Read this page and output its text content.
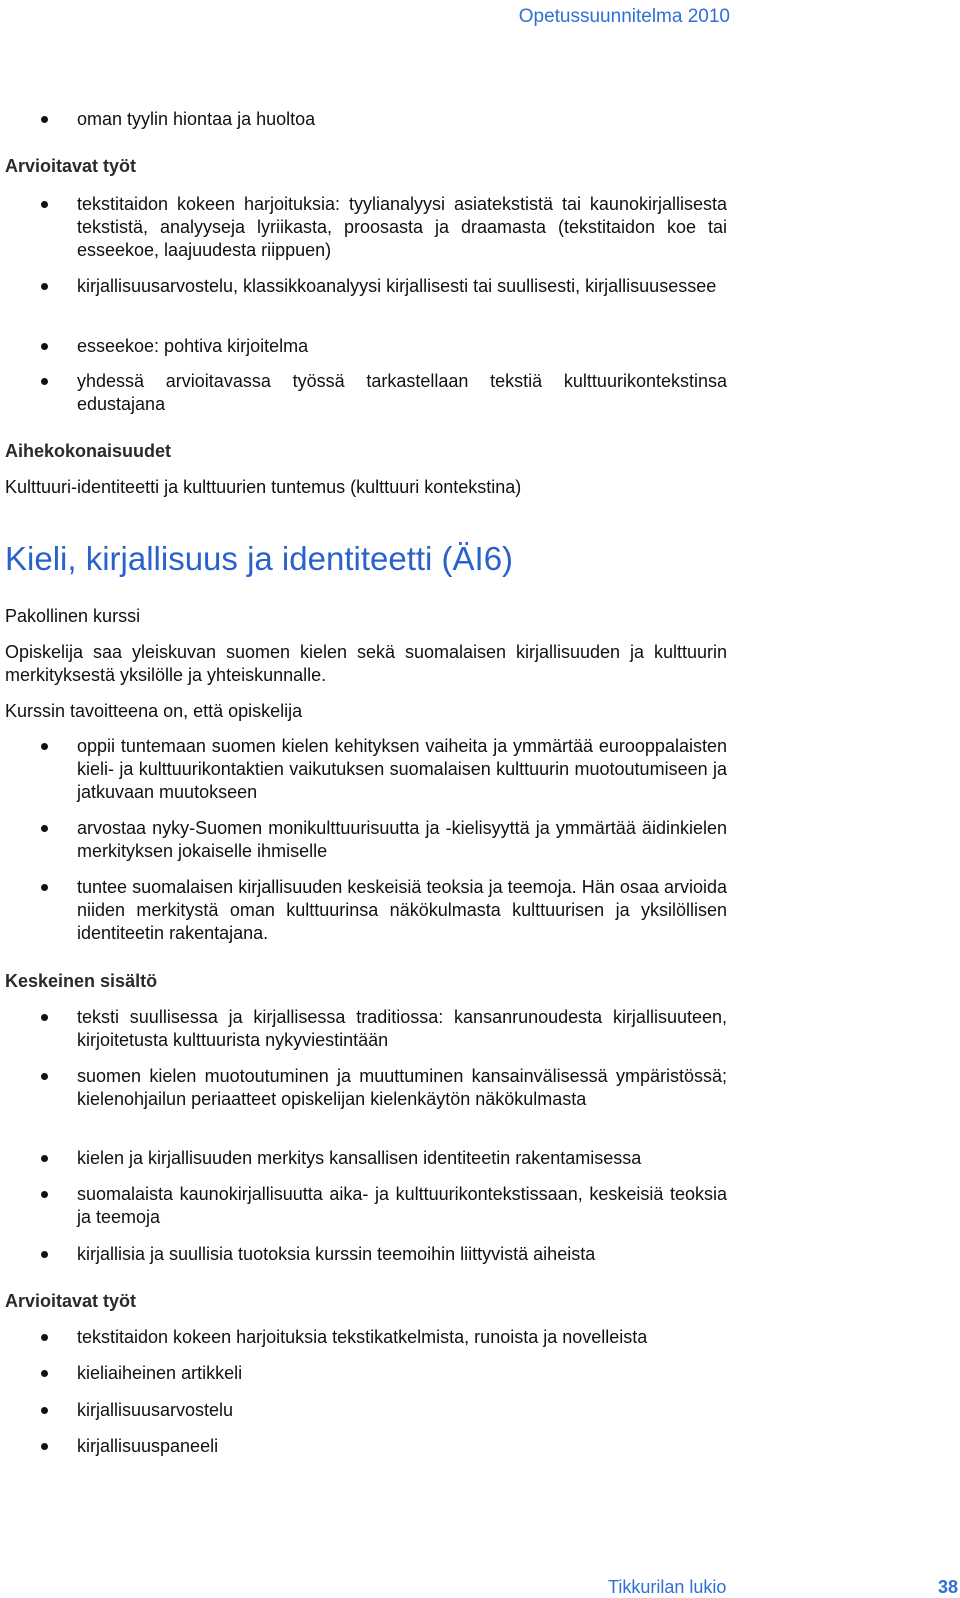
Opetussuunnitelma 2010
oman tyylin hiontaa ja huoltoa
Arvioitavat työt
tekstitaidon kokeen harjoituksia: tyylianalyysi asiatekstistä tai kaunokirjallisesta tekstistä, analyyseja lyriikasta, proosasta ja draamasta (tekstitaidon koe tai esseekoe, laajuudesta riippuen)
kirjallisuusarvostelu, klassikkoanalyysi kirjallisesti tai suullisesti, kirjallisuusessee
esseekoe: pohtiva kirjoitelma
yhdessä arvioitavassa työssä tarkastellaan tekstiä kulttuurikontekstinsa edustajana
Aihekokonaisuudet
Kulttuuri-identiteetti ja kulttuurien tuntemus (kulttuuri kontekstina)
Kieli, kirjallisuus ja identiteetti (ÄI6)
Pakollinen kurssi
Opiskelija saa yleiskuvan suomen kielen sekä suomalaisen kirjallisuuden ja kulttuurin merkityksestä yksilölle ja yhteiskunnalle.
Kurssin tavoitteena on, että opiskelija
oppii tuntemaan suomen kielen kehityksen vaiheita ja ymmärtää eurooppalaisten kieli- ja kulttuurikontaktien vaikutuksen suomalaisen kulttuurin muotoutumiseen ja jatkuvaan muutokseen
arvostaa nyky-Suomen monikulttuurisuutta ja -kielisyyttä ja ymmärtää äidinkielen merkityksen jokaiselle ihmiselle
tuntee suomalaisen kirjallisuuden keskeisiä teoksia ja teemoja. Hän osaa arvioida niiden merkitystä oman kulttuurinsa näkökulmasta kulttuurisen ja yksilöllisen identiteetin rakentajana.
Keskeinen sisältö
teksti suullisessa ja kirjallisessa traditiossa: kansanrunoudesta kirjallisuuteen, kirjoitetusta kulttuurista nykyviestintään
suomen kielen muotoutuminen ja muuttuminen kansainvälisessä ympäristössä; kielenohjailun periaatteet opiskelijan kielenkäytön näkökulmasta
kielen ja kirjallisuuden merkitys kansallisen identiteetin rakentamisessa
suomalaista kaunokirjallisuutta aika- ja kulttuurikontekstissaan, keskeisiä teoksia ja teemoja
kirjallisia ja suullisia tuotoksia kurssin teemoihin liittyvistä aiheista
Arvioitavat työt
tekstitaidon kokeen harjoituksia tekstikatkelmista, runoista ja novelleista
kieliaiheinen artikkeli
kirjallisuusarvostelu
kirjallisuuspaneeli
Tikkurilan lukio	38
